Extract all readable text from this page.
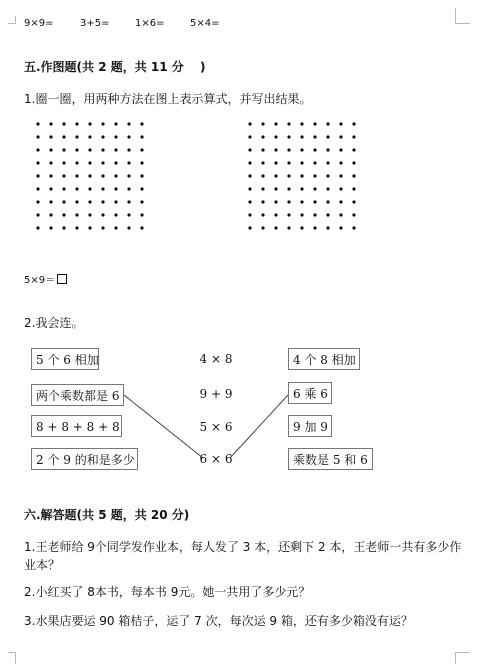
9×9=	3+5=	1×6=	5×4=
五.作图题(共 2 题，共 11 分　 )
1.圈一圈，用两种方法在图上表示算式，并写出结果。
5×9＝
2.我会连。
5 个 6 相加
两个乘数都是 6
8 + 8 + 8 + 8
2 个 9 的和是多少
4 × 8
9 + 9
5 × 6
6 × 6
4 个 8 相加
6 乘 6
9 加 9
乘数是 5 和 6
六.解答题(共 5 题，共 20 分)
1.王老师给 9个同学发作业本，每人发了 3 本，还剩下 2 本，王老师一共有多少作
业本？
2.小红买了 8本书，每本书 9元。她一共用了多少元？
3.水果店要运 90 箱桔子，运了 7 次，每次运 9 箱，还有多少箱没有运？
